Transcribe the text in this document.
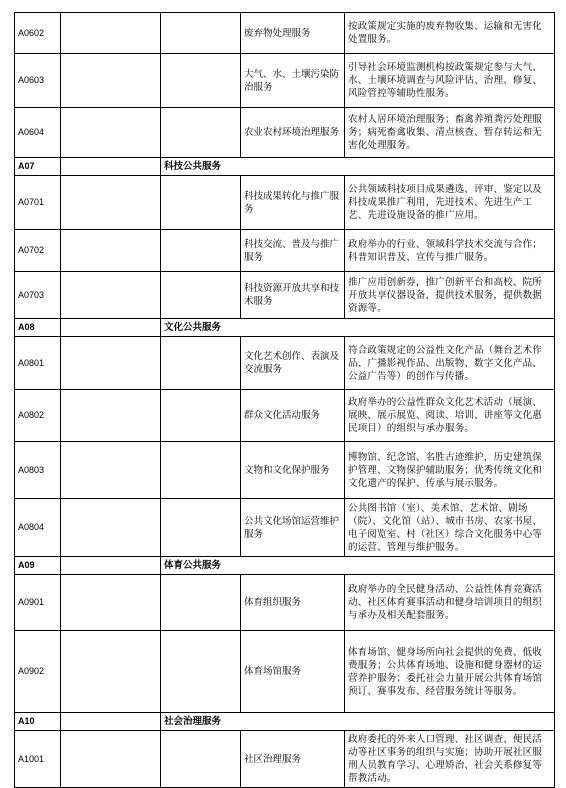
A0602			废弃物处理服务	按政策规定实施的废弃物收集、运输和无害化处置服务。
A0603			大气、水、土壤污染防治服务	引导社会环境监测机构按政策规定参与大气、水、土壤环境调查与风险评估、治理、修复、风险管控等辅助性服务。
A0604			农业农村环境治理服务	农村人居环境治理服务；畜禽养殖粪污处理服务；病死畜禽收集、清点核查、暂存转运和无害化处理服务。
A07		科技公共服务		
A0701			科技成果转化与推广服务	公共领域科技项目成果遴选、评审、鉴定以及科技成果推广利用，先进技术、先进生产工艺、先进设施设备的推广应用。
A0702			科技交流、普及与推广服务	政府举办的行业、领域科学技术交流与合作；科普知识普及、宣传与推广服务。
A0703			科技资源开放共享和技术服务	推广应用创新券，推广创新平台和高校、院所开放共享仪器设备，提供技术服务，提供数据资源等。
A08		文化公共服务		
A0801			文化艺术创作、表演及交流服务	符合政策规定的公益性文化产品（舞台艺术作品、广播影视作品、出版物、数字文化产品、公益广告等）的创作与传播。
A0802			群众文化活动服务	政府举办的公益性群众文化艺术活动（展演、展映、展示展览、阅读、培训、讲座等文化惠民项目）的组织与承办服务。
A0803			文物和文化保护服务	博物馆、纪念馆、名胜古迹维护，历史建筑保护管理、文物保护辅助服务；优秀传统文化和文化遗产的保护、传承与展示服务。
A0804			公共文化场馆运营维护服务	公共图书馆（室）、美术馆、艺术馆、剧场（院）、文化馆（站）、城市书房、农家书屋、电子阅览室、村（社区）综合文化服务中心等的运营、管理与维护服务。
A09		体育公共服务		
A0901			体育组织服务	政府举办的全民健身活动、公益性体育竞赛活动、社区体育赛事活动和健身培训项目的组织与承办及相关配套服务。
A0902			体育场馆服务	体育场馆、健身场所向社会提供的免费、低收费服务；公共体育场地、设施和健身器材的运营养护服务；委托社会力量开展公共体育场馆预订、赛事发布、经营服务统计等服务。
A10		社会治理服务		
A1001			社区治理服务	政府委托的外来人口管理、社区调查、便民活动等社区事务的组织与实施；协助开展社区服刑人员教育学习、心理矫治、社会关系修复等帮教活动。
